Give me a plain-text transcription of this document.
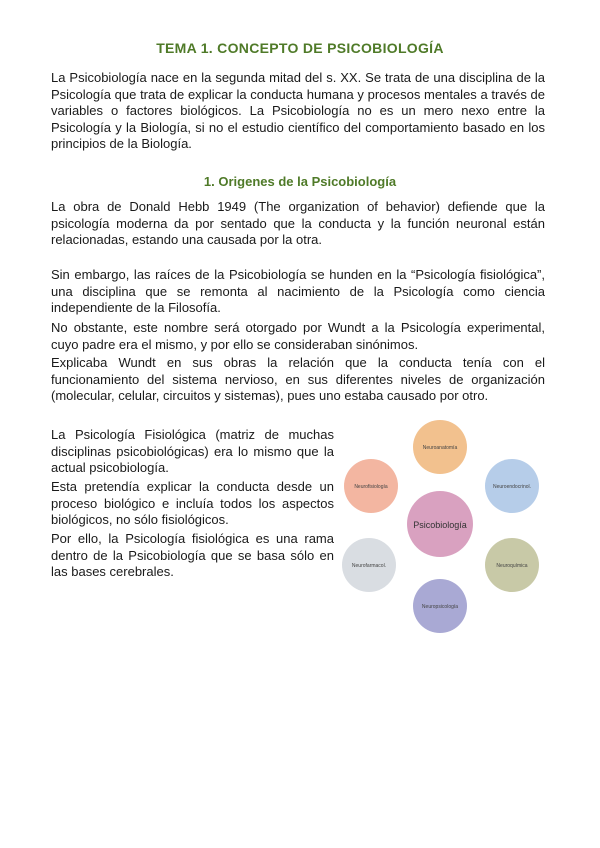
TEMA 1. CONCEPTO DE PSICOBIOLOGÍA

La Psicobiología nace en la segunda mitad del s. XX. Se trata de una disciplina de la Psicología que trata de explicar la conducta humana y procesos mentales a través de variables o factores biológicos. La Psicobiología no es un mero nexo entre la Psicología y la Biología, si no el estudio científico del comportamiento basado en los principios de la Biología.

1. Origenes de la Psicobiología

La obra de Donald Hebb 1949 (The organization of behavior) defiende que la psicología moderna da por sentado que la conducta y la función neuronal están relacionadas, estando una causada por la otra.

Sin embargo, las raíces de la Psicobiología se hunden en la “Psicología fisiológica”, una disciplina que se remonta al nacimiento de la Psicología como ciencia independiente de la Filosofía.

No obstante, este nombre será otorgado por Wundt a la Psicología experimental, cuyo padre era el mismo, y por ello se consideraban sinónimos.

Explicaba Wundt en sus obras la relación que la conducta tenía con el funcionamiento del sistema nervioso, en sus diferentes niveles de organización (molecular, celular, circuitos y sistemas), pues uno estaba causado por otro.

La Psicología Fisiológica (matriz de muchas disciplinas psicobiológicas) era lo mismo que la actual psicobiología.

Esta pretendía explicar la conducta desde un proceso biológico e incluía todos los aspectos biológicos, no sólo fisiológicos.

Por ello, la Psicología fisiológica es una rama dentro de la Psicobiología que se basa sólo en las bases cerebrales.

Psicobiología
Neuroanatomía
Neuroendocrinol.
Neuroquímica
Neuropsicología
Neurofarmacol.
Neurofisiología
